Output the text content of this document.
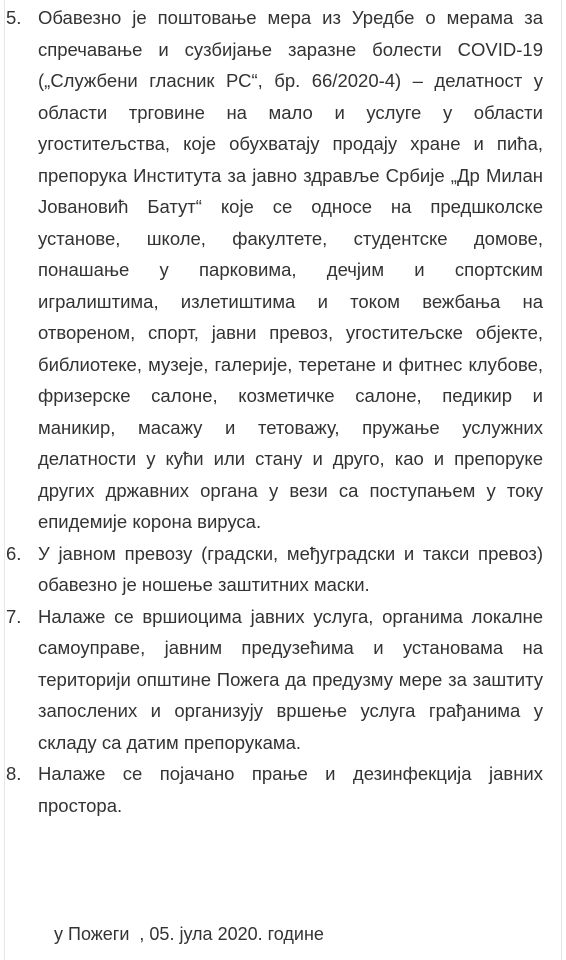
5. Обавезно је поштовање мера из Уредбе о мерама за спречавање и сузбијање заразне болести COVID-19 („Службени гласник РС“, бр. 66/2020-4) – делатност у области трговине на мало и услуге у области угоститељства, које обухватају продају хране и пића, препорука Института за јавно здравље Србије „Др Милан Јовановић Батут“ које се односе на предшколске установе, школе, факултете, студентске домове, понашање у парковима, дечјим и спортским игралиштима, излетиштима и током вежбања на отвореном, спорт, јавни превоз, угоститељске објекте, библиотеке, музеје, галерије, теретане и фитнес клубове, фризерске салоне, козметичке салоне, педикир и маникир, масажу и тетоважу, пружање услужних делатности у кући или стану и друго, као и препоруке других државних органа у вези са поступањем у току епидемије корона вируса.
6. У јавном превозу (градски, међуградски и такси превоз) обавезно је ношење заштитних маски.
7. Налаже се вршиоцима јавних услуга, органима локалне самоуправе, јавним предузећима и установама на територији општине Пожега да предузму мере за заштиту запослених и организују вршење услуга грађанима у складу са датим препорукама.
8. Налаже се појачано прање и дезинфекција јавних простора.
у Пожеги  , 05. јула 2020. године
